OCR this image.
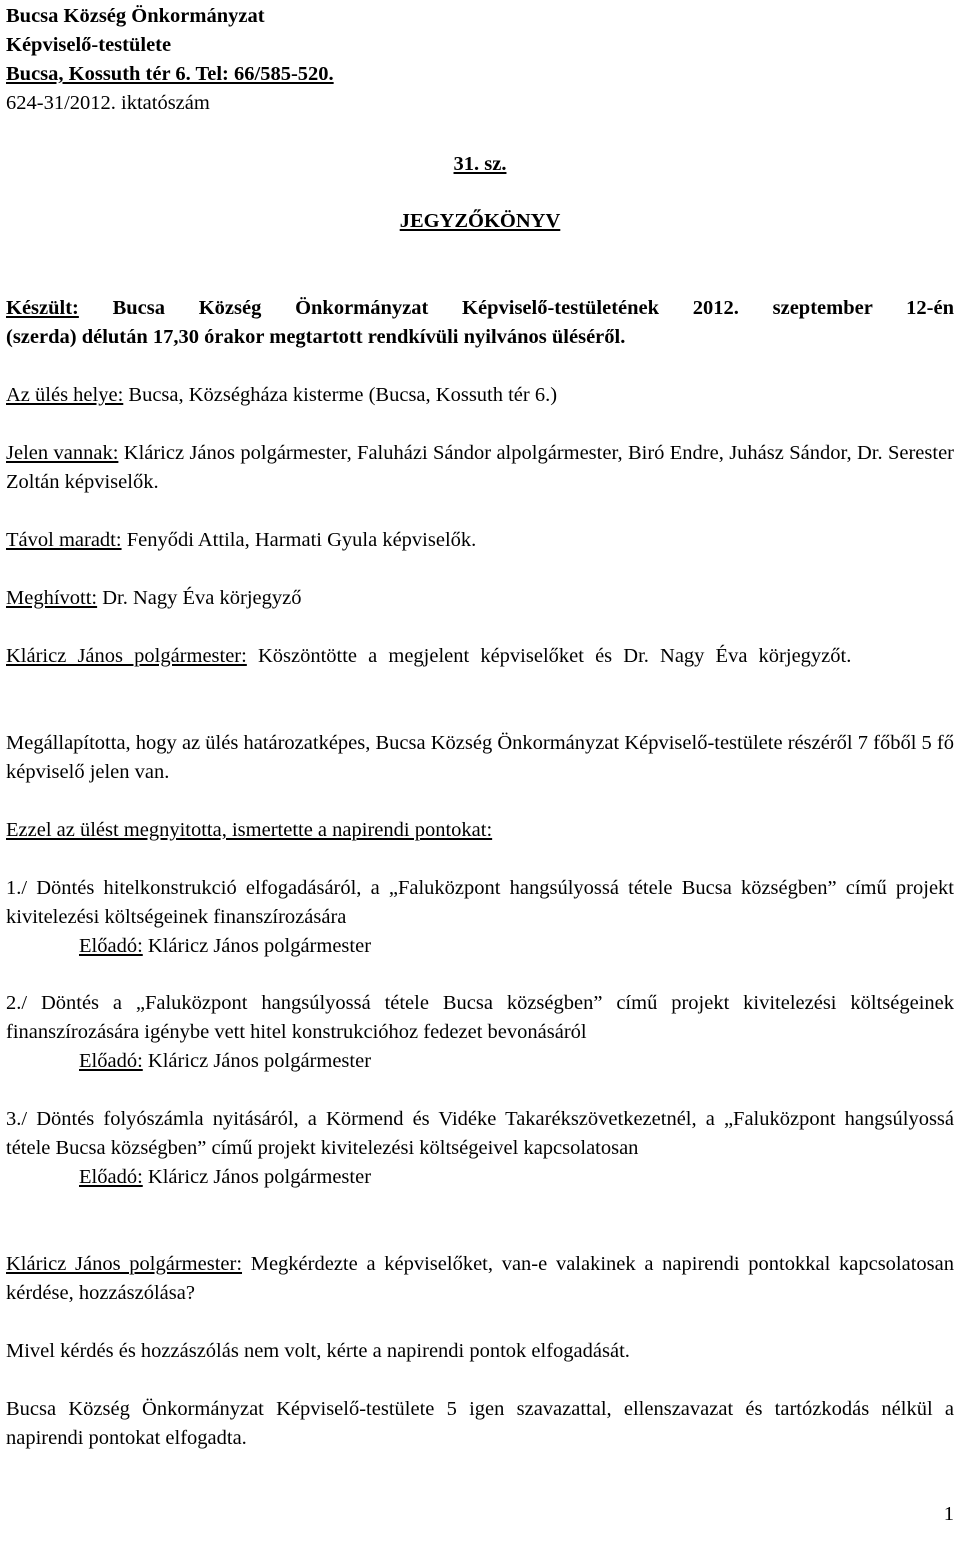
Bucsa Község Önkormányzat

Képviselő-testülete

Bucsa, Kossuth tér 6. Tel: 66/585-520.

624-31/2012. iktatószám

31. sz.
JEGYZŐKÖNYV

Készült: Bucsa Község Önkormányzat Képviselő-testületének 2012. szeptember 12-én

(szerda) délután 17,30 órakor megtartott rendkívüli nyilvános üléséről.

Az ülés helye: Bucsa, Községháza kisterme (Bucsa, Kossuth tér 6.)

Jelen vannak: Kláricz János polgármester, Faluházi Sándor alpolgármester, Biró Endre, Juhász Sándor, Dr. Serester Zoltán képviselők.

Távol maradt: Fenyődi Attila, Harmati Gyula képviselők.

Meghívott: Dr. Nagy Éva körjegyző

Kláricz János polgármester: Köszöntötte a megjelent képviselőket és Dr. Nagy Éva körjegyzőt.

Megállapította, hogy az ülés határozatképes, Bucsa Község Önkormányzat Képviselő-testülete részéről 7 főből 5 fő képviselő jelen van.

Ezzel az ülést megnyitotta, ismertette a napirendi pontokat:

1./ Döntés hitelkonstrukció elfogadásáról, a „Faluközpont hangsúlyossá tétele Bucsa községben” című projekt kivitelezési költségeinek finanszírozására

Előadó: Kláricz János polgármester

2./ Döntés a „Faluközpont hangsúlyossá tétele Bucsa községben” című projekt kivitelezési költségeinek finanszírozására igénybe vett hitel konstrukcióhoz fedezet bevonásáról

Előadó: Kláricz János polgármester

3./ Döntés folyószámla nyitásáról, a Körmend és Vidéke Takarékszövetkezetnél, a „Faluközpont hangsúlyossá tétele Bucsa községben” című projekt kivitelezési költségeivel kapcsolatosan

Előadó: Kláricz János polgármester

Kláricz János polgármester: Megkérdezte a képviselőket, van-e valakinek a napirendi pontokkal kapcsolatosan kérdése, hozzászólása?

Mivel kérdés és hozzászólás nem volt, kérte a napirendi pontok elfogadását.

Bucsa Község Önkormányzat Képviselő-testülete 5 igen szavazattal, ellenszavazat és tartózkodás nélkül a napirendi pontokat elfogadta.

1
